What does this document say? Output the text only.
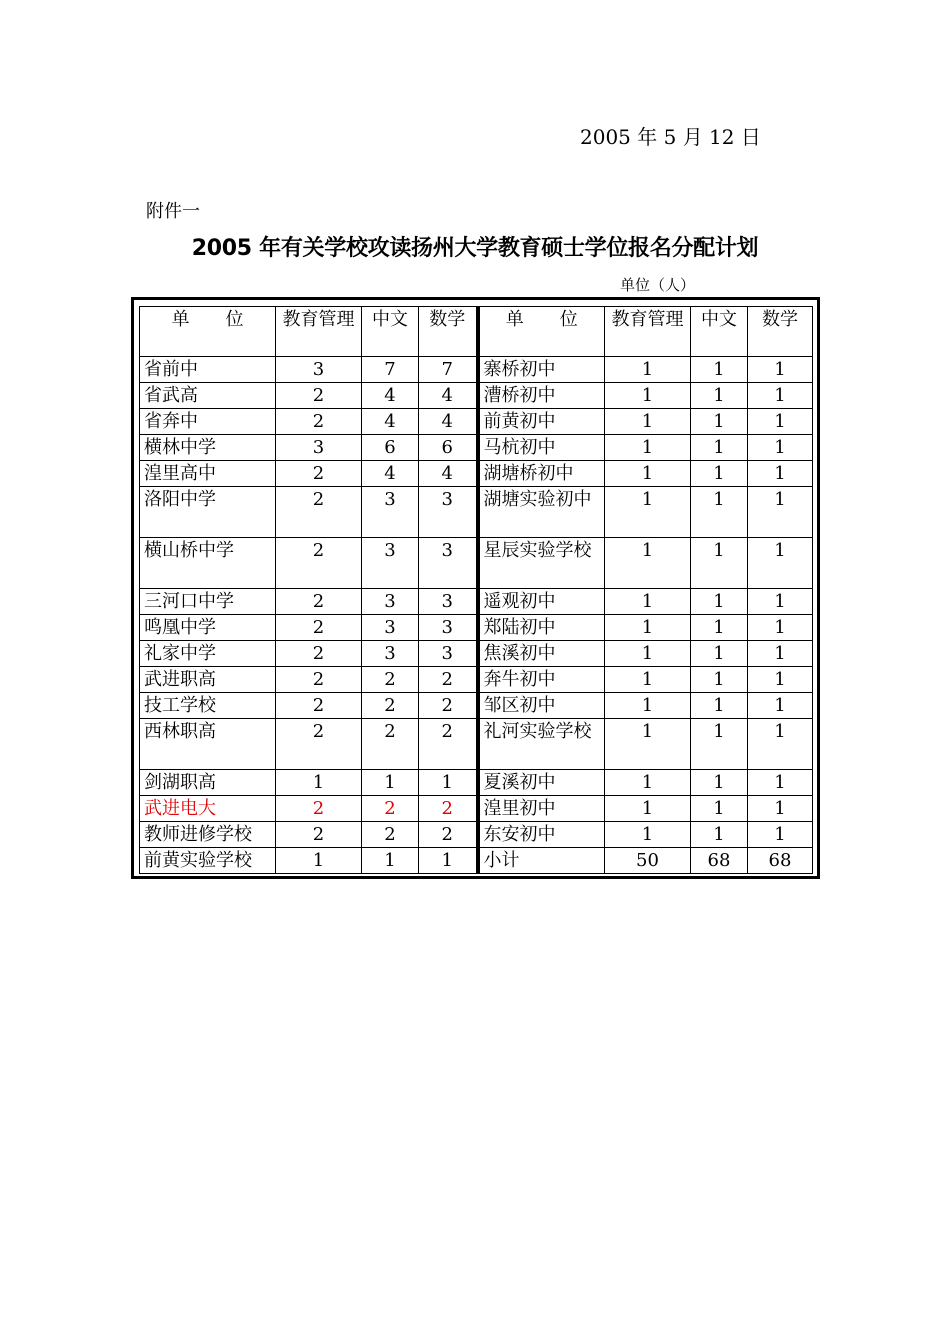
2005 年 5 月 12 日
附件一
2005 年有关学校攻读扬州大学教育硕士学位报名分配计划
单位（人）
单　　位	教育管理	中文	数学	单　　位	教育管理	中文	数学
省前中	3	7	7	寨桥初中	1	1	1
省武高	2	4	4	漕桥初中	1	1	1
省奔中	2	4	4	前黄初中	1	1	1
横林中学	3	6	6	马杭初中	1	1	1
湟里高中	2	4	4	湖塘桥初中	1	1	1
洛阳中学	2	3	3	湖塘实验初中	1	1	1
横山桥中学	2	3	3	星辰实验学校	1	1	1
三河口中学	2	3	3	遥观初中	1	1	1
鸣凰中学	2	3	3	郑陆初中	1	1	1
礼家中学	2	3	3	焦溪初中	1	1	1
武进职高	2	2	2	奔牛初中	1	1	1
技工学校	2	2	2	邹区初中	1	1	1
西林职高	2	2	2	礼河实验学校	1	1	1
剑湖职高	1	1	1	夏溪初中	1	1	1
武进电大	2	2	2	湟里初中	1	1	1
教师进修学校	2	2	2	东安初中	1	1	1
前黄实验学校	1	1	1	小计	50	68	68
